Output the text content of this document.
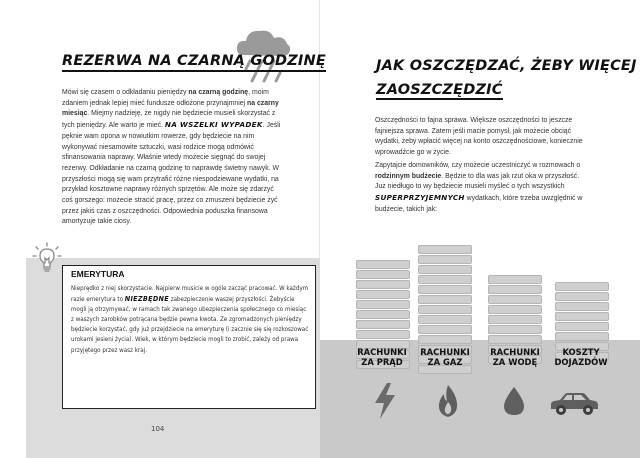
REZERWA NA CZARNĄ GODZINĘ

Mówi się czasem o odkładaniu pieniędzy na czarną godzinę, moim zdaniem jednak lepiej mieć fundusze odłożone przynajmniej na czarny miesiąc. Miejmy nadzieję, że nigdy nie będziecie musieli skorzystać z tych pieniędzy. Ale warto je mieć. NA WSZELKI WYPADEK. Jeśli pęknie wam opona w nowiutkim rowerze, gdy będziecie na nim wykonywać niesamowite sztuczki, wasi rodzice mogą odmówić sfinansowania naprawy. Właśnie wtedy możecie sięgnąć do swojej rezerwy. Odkładanie na czarną godzinę to naprawdę świetny nawyk. W przyszłości mogą się wam przytrafić różne niespodziewane wydatki, na przykład kosztowne naprawy różnych sprzętów. Ale może się zdarzyć coś gorszego: możecie stracić pracę, przez co zmuszeni będziecie żyć przez jakiś czas z oszczędności. Odpowiednia poduszka finansowa amortyzuje takie ciosy.

EMERYTURA

Nieprędko z niej skorzystacie. Najpierw musicie w ogóle zacząć pracować. W każdym razie emerytura to NIEZBĘDNE zabezpieczenie waszej przyszłości. Żebyście mogli ją otrzymywać, w ramach tak zwanego ubezpieczenia społecznego co miesiąc z waszych zarobków potrącana będzie pewna kwota. Ze zgromadzonych pieniędzy będziecie korzystać, gdy już przejdziecie na emeryturę (i zacznie się się rozkoszować urokami jesieni życia). Wiek, w którym będziecie mogli to zrobić, zależy od prawa przyjętego przez wasz kraj.

104
JAK OSZCZĘDZAĆ, ŻEBY WIĘCEJ
ZAOSZCZĘDZIĆ

Oszczędności to fajna sprawa. Większe oszczędności to jeszcze fajniejsza sprawa. Zatem jeśli macie pomysł, jak możecie obciąć wydatki, żeby wpłacić więcej na konto oszczędnościowe, koniecznie wprowadźcie go w życie.

Zapytajcie domowników, czy możecie uczestniczyć w rozmowach o rodzinnym budżecie. Będzie to dla was jak rzut oka w przyszłość. Już niedługo to wy będziecie musieli myśleć o tych wszystkich SUPERPRZYJEMNYCH wydatkach, które trzeba uwzględnić w budżecie, takich jak:

RACHUNKI
ZA PRĄD
RACHUNKI
ZA GAZ
RACHUNKI
ZA WODĘ
KOSZTY
DOJAZDÓW
